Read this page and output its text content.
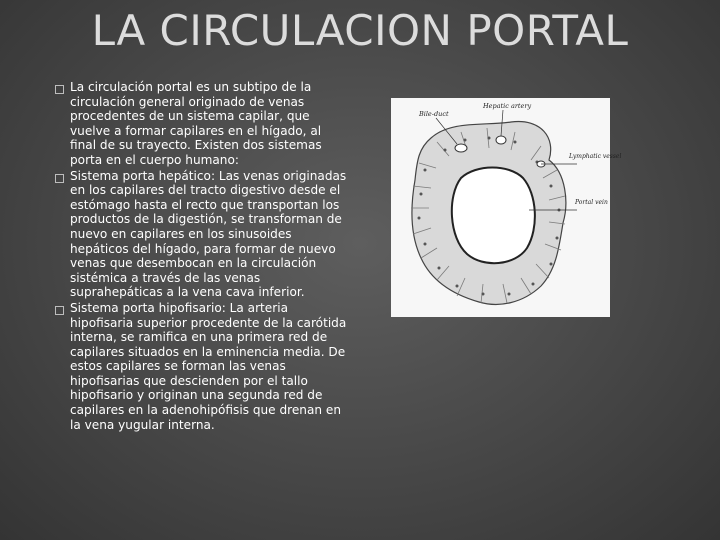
LA CIRCULACION PORTAL
La circulación portal es un subtipo de la circulación general originado de venas procedentes de un sistema capilar, que vuelve a formar capilares en el hígado, al final de su trayecto. Existen dos sistemas porta en el cuerpo humano:
Sistema porta hepático: Las venas originadas en los capilares del tracto digestivo desde el estómago hasta el recto que transportan los productos de la digestión, se transforman de nuevo en capilares en los sinusoides hepáticos del hígado, para formar de nuevo venas que desembocan en la circulación sistémica a través de las venas suprahepáticas a la vena cava inferior.
Sistema porta hipofisario: La arteria hipofisaria superior procedente de la carótida interna, se ramifica en una primera red de capilares situados en la eminencia media. De estos capilares se forman las venas hipofisarias que descienden por el tallo hipofisario y originan una segunda red de capilares en la adenohipófisis que drenan en la vena yugular interna.
Bile-duct
Hepatic artery
Lymphatic vessel
Portal vein
